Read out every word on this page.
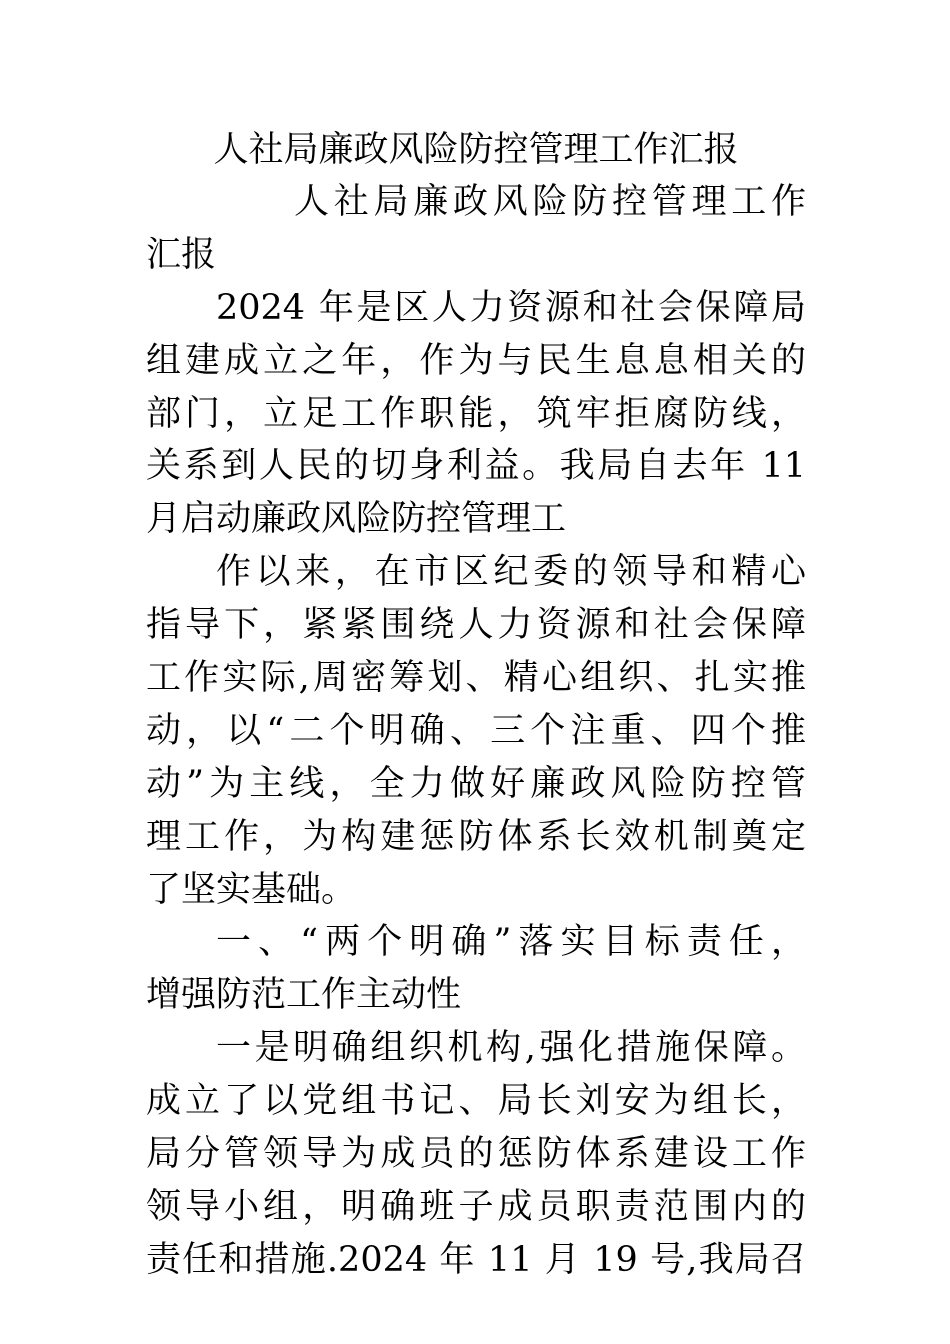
人社局廉政风险防控管理工作汇报
人社局廉政风险防控管理工作
汇报
2024 年是区人力资源和社会保障局
组建成立之年，作为与民生息息相关的
部门，立足工作职能，筑牢拒腐防线，
关系到人民的切身利益。我局自去年 11
月启动廉政风险防控管理工
作以来，在市区纪委的领导和精心
指导下，紧紧围绕人力资源和社会保障
工作实际,周密筹划、精心组织、扎实推
动，以“二个明确、三个注重、四个推
动”为主线，全力做好廉政风险防控管
理工作，为构建惩防体系长效机制奠定
了坚实基础。
一、“两个明确”落实目标责任，
增强防范工作主动性
一是明确组织机构,强化措施保障。
成立了以党组书记、局长刘安为组长，
局分管领导为成员的惩防体系建设工作
领导小组，明确班子成员职责范围内的
责任和措施.2024 年 11 月 19 号,我局召
